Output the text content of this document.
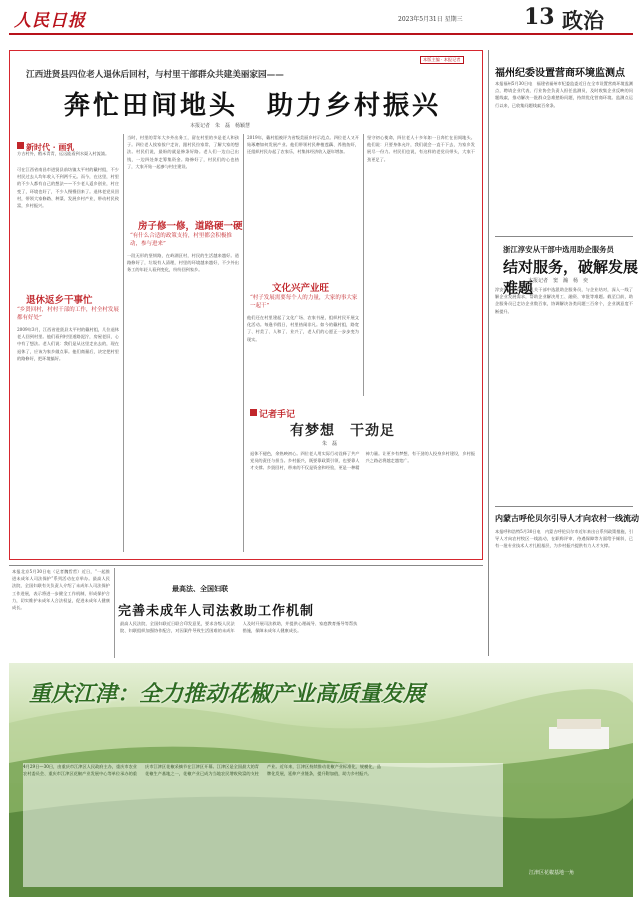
人民日报	2023年5月31日 星期三	13 政治
本版主编 · 本报记者
江西进贤县四位老人退休后回村，与村里干部群众共建美丽家园——
奔忙田间地头　助力乡村振兴
本报记者　朱　磊　杨颖慧
新时代 · 画乳
方古村外，稻禾青青，远远能看到水渠入村流淌。
可在江西省南昌市进贤县前坊镇太平村的戴村组，不少村民过去人均年收入不到两千元。而今，在这里，村里的不少人都有自己的想法——不少老人返乡创业，村庄变了，环境也好了，不少人慢慢回来了。退休老党员回村，带领大家修路、种菜、发展乡村产业，带动村民致富，乡村振兴。
退休返乡干事忙
“乡贤回村，村村干部的工作，村全村发展都有好处”
2009年3月，江西省进贤县太平村的戴村组，几位退休老人回到村里。他们看到村里道路泥泞，房屋老旧，心中有了想法。老人们说：我们是从这里走出去的，现在退休了，应该为家乡做点事。他们商量后，决定把村里的路修好，把环境搞好。
当时，村里的青年大多外出务工，留在村里的多是老人和孩子。四位老人挨家挨户走访，跟村民拉家常，了解大家的想法。村民们说，最盼的就是修条好路。老人们一边自己出钱，一边四处奔走筹集资金。路修好了，村民们的心也热了，大家开始一起参与村庄建设。
房子修一修，道路硬一硬
“有什么合适的政策支持，村里都会积极推动，参与进来”
一段无形的坚韧路，在岭湖区村，村民的生活越来越好。道路修好了，垃圾有人清理，村里的环境越来越好，不少外出务工的年轻人看到变化，纷纷回到家乡。
2019年，戴村组被评为省级美丽乡村示范点。四位老人又开始琢磨如何发展产业。他们带领村民种植莲藕、养殖鱼虾，还组织村民办起了农家乐，村集体经济收入逐年增加。
文化兴产业旺
“村子发展需要每个人的力量，大家的事大家一起干”
他们还在村里建起了文化广场、农家书屋，组织村民开展文化活动。每逢节假日，村里热闹非凡。如今的戴村组，路宽了、村美了、人和了、业兴了，老人们的心愿正一步步变为现实。
坚守初心使命，四位老人十多年如一日奔忙在田间地头。他们说：只要身体允许，我们就会一直干下去，为家乡发展尽一份力。村民们也说，有这样的老党员带头，大家干劲更足了。
记者手记
有梦想　干劲足
朱　磊
退休不褪色，余热映初心。四位老人用实际行动诠释了共产党员的责任与担当。乡村振兴，既要靠政策引领，也要靠人才支撑。乡贤回村，带来的不仅是资金和经验，更是一种精神力量。让更多有梦想、有干劲的人投身乡村建设，乡村振兴之路必将越走越宽广。
福州纪委设置营商环境监测点
本报福州5月30日电　福建省福州市纪委监委近日在全市设置营商环境监测点，聘请企业代表、行业协会负责人担任监测员，及时收集企业反映的问题线索，推动解决一批群众急难愁盼问题，持续优化营商环境。监测点运行以来，已收集问题线索百余条。
浙江淳安从干部中选用助企服务员
结对服务，破解发展难题
本报记者　窦　瀚　杨　奕
淳安县今年以来从机关干部中选派助企服务员，与企业结对，深入一线了解企业发展需求，帮助企业解决用工、融资、审批等难题。截至目前，助企服务员已走访企业数百家，协调解决各类问题三百余个，企业满意度不断提升。
内蒙古呼伦贝尔引导人才向农村一线流动
本报呼和浩特5月30日电　内蒙古呼伦贝尔市近年来出台系列政策措施，引导人才向农村牧区一线流动，在职称评审、待遇保障等方面给予倾斜，已有一批专业技术人才扎根基层，为乡村振兴提供有力人才支撑。
本报北京5月30日电（记者魏哲哲）近日，“一起推进未成年人司法保护”系列活动在京举办。最高人民法院、全国妇联有关负责人介绍了未成年人司法保护工作进展，表示将进一步健全工作机制，形成保护合力，切实维护未成年人合法权益，促进未成年人健康成长。
最高法、全国妇联
完善未成年人司法救助工作机制
最高人民法院、全国妇联近日联合印发意见，要求各级人民法院、妇联组织加强协作配合，对因案件导致生活困难的未成年人及时开展司法救助，并提供心理疏导、家庭教育指导等帮扶措施，保障未成年人健康成长。
重庆江津：全力推动花椒产业高质量发展
4月29日—30日，由重庆市江津区人民政府主办，重庆市农业农村委员会、重庆市江津区花椒产业发展中心等单位承办的重庆市江津区花椒采摘节在江津区开幕。江津区是全国最大的青花椒生产基地之一，花椒产业已成为当地农民增收致富的支柱产业。近年来，江津区持续推动花椒产业标准化、规模化、品牌化发展，延伸产业链条，提升附加值，助力乡村振兴。
江津区花椒基地一角
